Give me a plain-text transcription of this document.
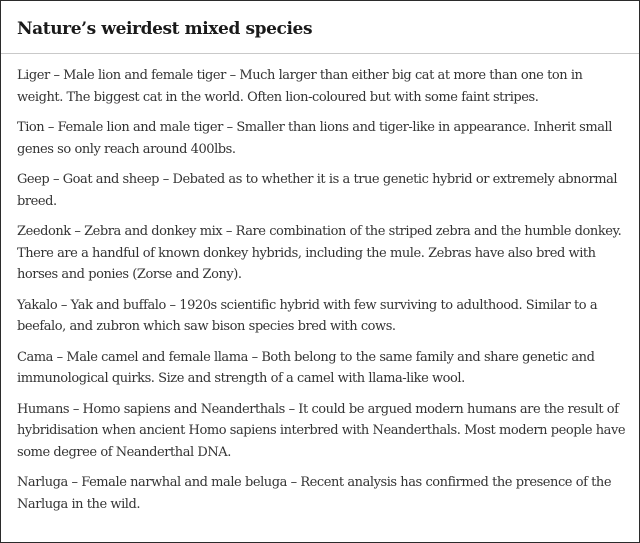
Nature’s weirdest mixed species

Liger – Male lion and female tiger – Much larger than either big cat at more than one ton in weight. The biggest cat in the world. Often lion-coloured but with some faint stripes.

Tion – Female lion and male tiger – Smaller than lions and tiger-like in appearance. Inherit small genes so only reach around 400lbs.

Geep – Goat and sheep – Debated as to whether it is a true genetic hybrid or extremely abnormal breed.

Zeedonk – Zebra and donkey mix – Rare combination of the striped zebra and the humble donkey. There are a handful of known donkey hybrids, including the mule. Zebras have also bred with horses and ponies (Zorse and Zony).

Yakalo – Yak and buffalo – 1920s scientific hybrid with few surviving to adulthood. Similar to a beefalo, and zubron which saw bison species bred with cows.

Cama – Male camel and female llama – Both belong to the same family and share genetic and immunological quirks. Size and strength of a camel with llama-like wool.

Humans – Homo sapiens and Neanderthals – It could be argued modern humans are the result of hybridisation when ancient Homo sapiens interbred with Neanderthals. Most modern people have some degree of Neanderthal DNA.

Narluga – Female narwhal and male beluga – Recent analysis has confirmed the presence of the Narluga in the wild.
